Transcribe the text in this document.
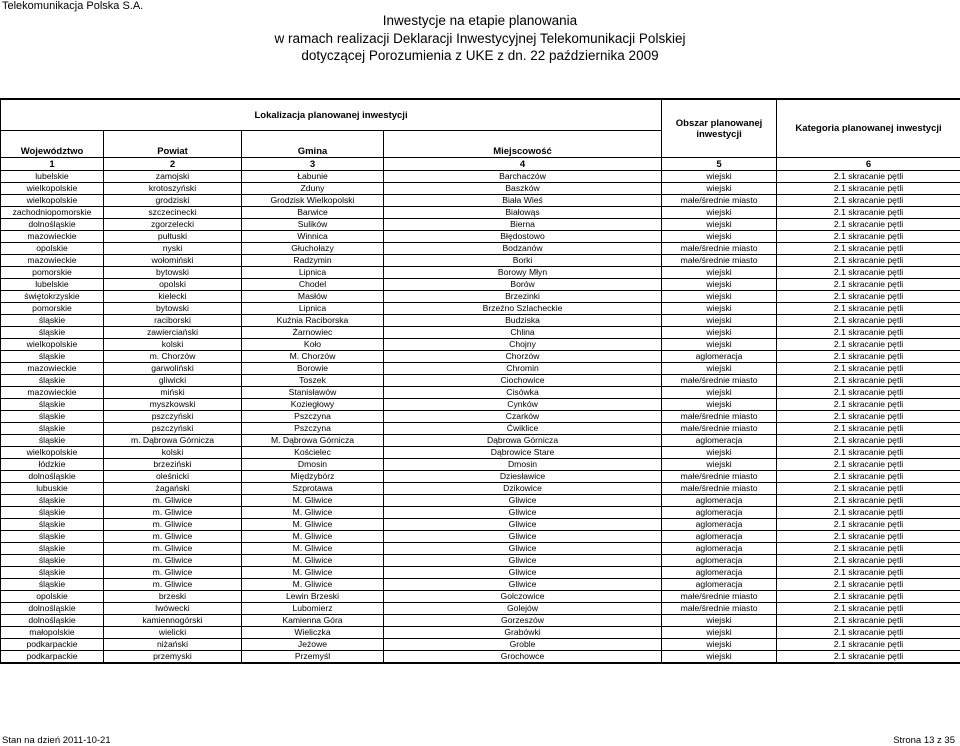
Telekomunikacja Polska S.A.
Inwestycje na etapie planowania
w ramach realizacji Deklaracji Inwestycyjnej Telekomunikacji Polskiej
dotyczącej Porozumienia z UKE z dn. 22 października 2009
Lokalizacja planowanej inwestycji				Obszar planowanej inwestycji	Kategoria planowanej inwestycji
Województwo	Powiat	Gmina	Miejscowość		
1	2	3	4	5	6
lubelskie	zamojski	Łabunie	Barchaczów	wiejski	2.1 skracanie pętli
wielkopolskie	krotoszyński	Zduny	Baszków	wiejski	2.1 skracanie pętli
wielkopolskie	grodziski	Grodzisk Wielkopolski	Biała Wieś	małe/średnie miasto	2.1 skracanie pętli
zachodniopomorskie	szczecinecki	Barwice	Białowąs	wiejski	2.1 skracanie pętli
dolnośląskie	zgorzelecki	Sulików	Bierna	wiejski	2.1 skracanie pętli
mazowieckie	pułtuski	Winnica	Błędostowo	wiejski	2.1 skracanie pętli
opolskie	nyski	Głuchołazy	Bodzanów	małe/średnie miasto	2.1 skracanie pętli
mazowieckie	wołomiński	Radzymin	Borki	małe/średnie miasto	2.1 skracanie pętli
pomorskie	bytowski	Lipnica	Borowy Młyn	wiejski	2.1 skracanie pętli
lubelskie	opolski	Chodel	Borów	wiejski	2.1 skracanie pętli
świętokrzyskie	kielecki	Masłów	Brzezinki	wiejski	2.1 skracanie pętli
pomorskie	bytowski	Lipnica	Brzeźno Szlacheckie	wiejski	2.1 skracanie pętli
śląskie	raciborski	Kuźnia Raciborska	Budziska	wiejski	2.1 skracanie pętli
śląskie	zawierciański	Żarnowiec	Chlina	wiejski	2.1 skracanie pętli
wielkopolskie	kolski	Koło	Chojny	wiejski	2.1 skracanie pętli
śląskie	m. Chorzów	M. Chorzów	Chorzów	aglomeracja	2.1 skracanie pętli
mazowieckie	garwoliński	Borowie	Chromin	wiejski	2.1 skracanie pętli
śląskie	gliwicki	Toszek	Ciochowice	małe/średnie miasto	2.1 skracanie pętli
mazowieckie	miński	Stanisławów	Cisówka	wiejski	2.1 skracanie pętli
śląskie	myszkowski	Koziegłowy	Cynków	wiejski	2.1 skracanie pętli
śląskie	pszczyński	Pszczyna	Czarków	małe/średnie miasto	2.1 skracanie pętli
śląskie	pszczyński	Pszczyna	Ćwiklice	małe/średnie miasto	2.1 skracanie pętli
śląskie	m. Dąbrowa Górnicza	M. Dąbrowa Górnicza	Dąbrowa Górnicza	aglomeracja	2.1 skracanie pętli
wielkopolskie	kolski	Kościelec	Dąbrowice Stare	wiejski	2.1 skracanie pętli
łódzkie	brzeziński	Dmosin	Dmosin	wiejski	2.1 skracanie pętli
dolnośląskie	oleśnicki	Międzybórz	Dziesławice	małe/średnie miasto	2.1 skracanie pętli
lubuskie	żagański	Szprotawa	Dzikowice	małe/średnie miasto	2.1 skracanie pętli
śląskie	m. Gliwice	M. Gliwice	Gliwice	aglomeracja	2.1 skracanie pętli
śląskie	m. Gliwice	M. Gliwice	Gliwice	aglomeracja	2.1 skracanie pętli
śląskie	m. Gliwice	M. Gliwice	Gliwice	aglomeracja	2.1 skracanie pętli
śląskie	m. Gliwice	M. Gliwice	Gliwice	aglomeracja	2.1 skracanie pętli
śląskie	m. Gliwice	M. Gliwice	Gliwice	aglomeracja	2.1 skracanie pętli
śląskie	m. Gliwice	M. Gliwice	Gliwice	aglomeracja	2.1 skracanie pętli
śląskie	m. Gliwice	M. Gliwice	Gliwice	aglomeracja	2.1 skracanie pętli
śląskie	m. Gliwice	M. Gliwice	Gliwice	aglomeracja	2.1 skracanie pętli
opolskie	brzeski	Lewin Brzeski	Golczowice	małe/średnie miasto	2.1 skracanie pętli
dolnośląskie	lwówecki	Lubomierz	Golejów	małe/średnie miasto	2.1 skracanie pętli
dolnośląskie	kamiennogórski	Kamienna Góra	Gorzeszów	wiejski	2.1 skracanie pętli
małopolskie	wielicki	Wieliczka	Grabówki	wiejski	2.1 skracanie pętli
podkarpackie	niżański	Jeżowe	Groble	wiejski	2.1 skracanie pętli
podkarpackie	przemyski	Przemyśl	Grochowce	wiejski	2.1 skracanie pętli
Stan na dzień 2011-10-21	Strona 13 z 35
